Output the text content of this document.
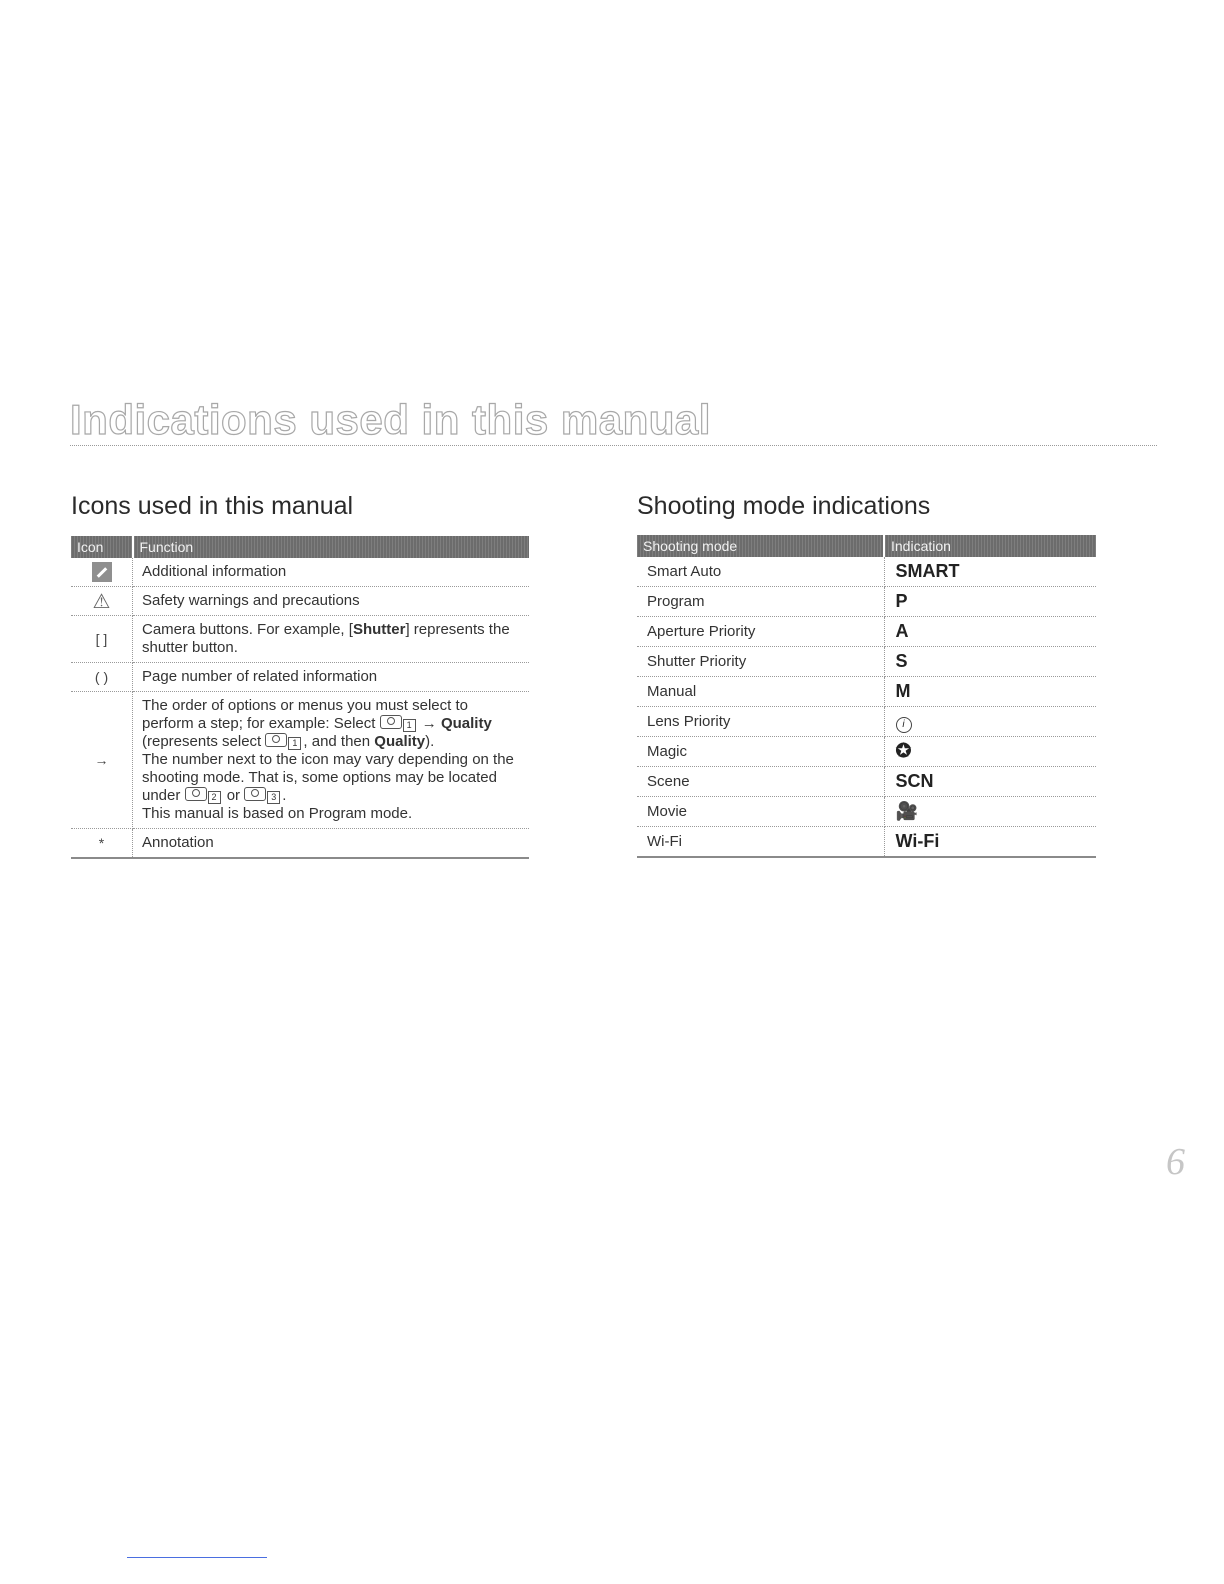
Indications used in this manual
Icons used in this manual	Shooting mode indications
Icon	Function
	Additional information
⚠	Safety warnings and precautions
[ ]	Camera buttons. For example, [Shutter] represents the shutter button.
( )	Page number of related information
→	The order of options or menus you must select to perform a step; for example: Select 1 → Quality
(represents select 1 , and then Quality).
The number next to the icon may vary depending on the shooting mode. That is, some options may be located under 2 or 3 .
This manual is based on Program mode.
*	Annotation
Shooting mode	Indication
Smart Auto	SMART
Program	P
Aperture Priority	A
Shutter Priority	S
Manual	M
Lens Priority	i
Magic	✪
Scene	SCN
Movie	🎥
Wi-Fi	Wi-Fi
6
